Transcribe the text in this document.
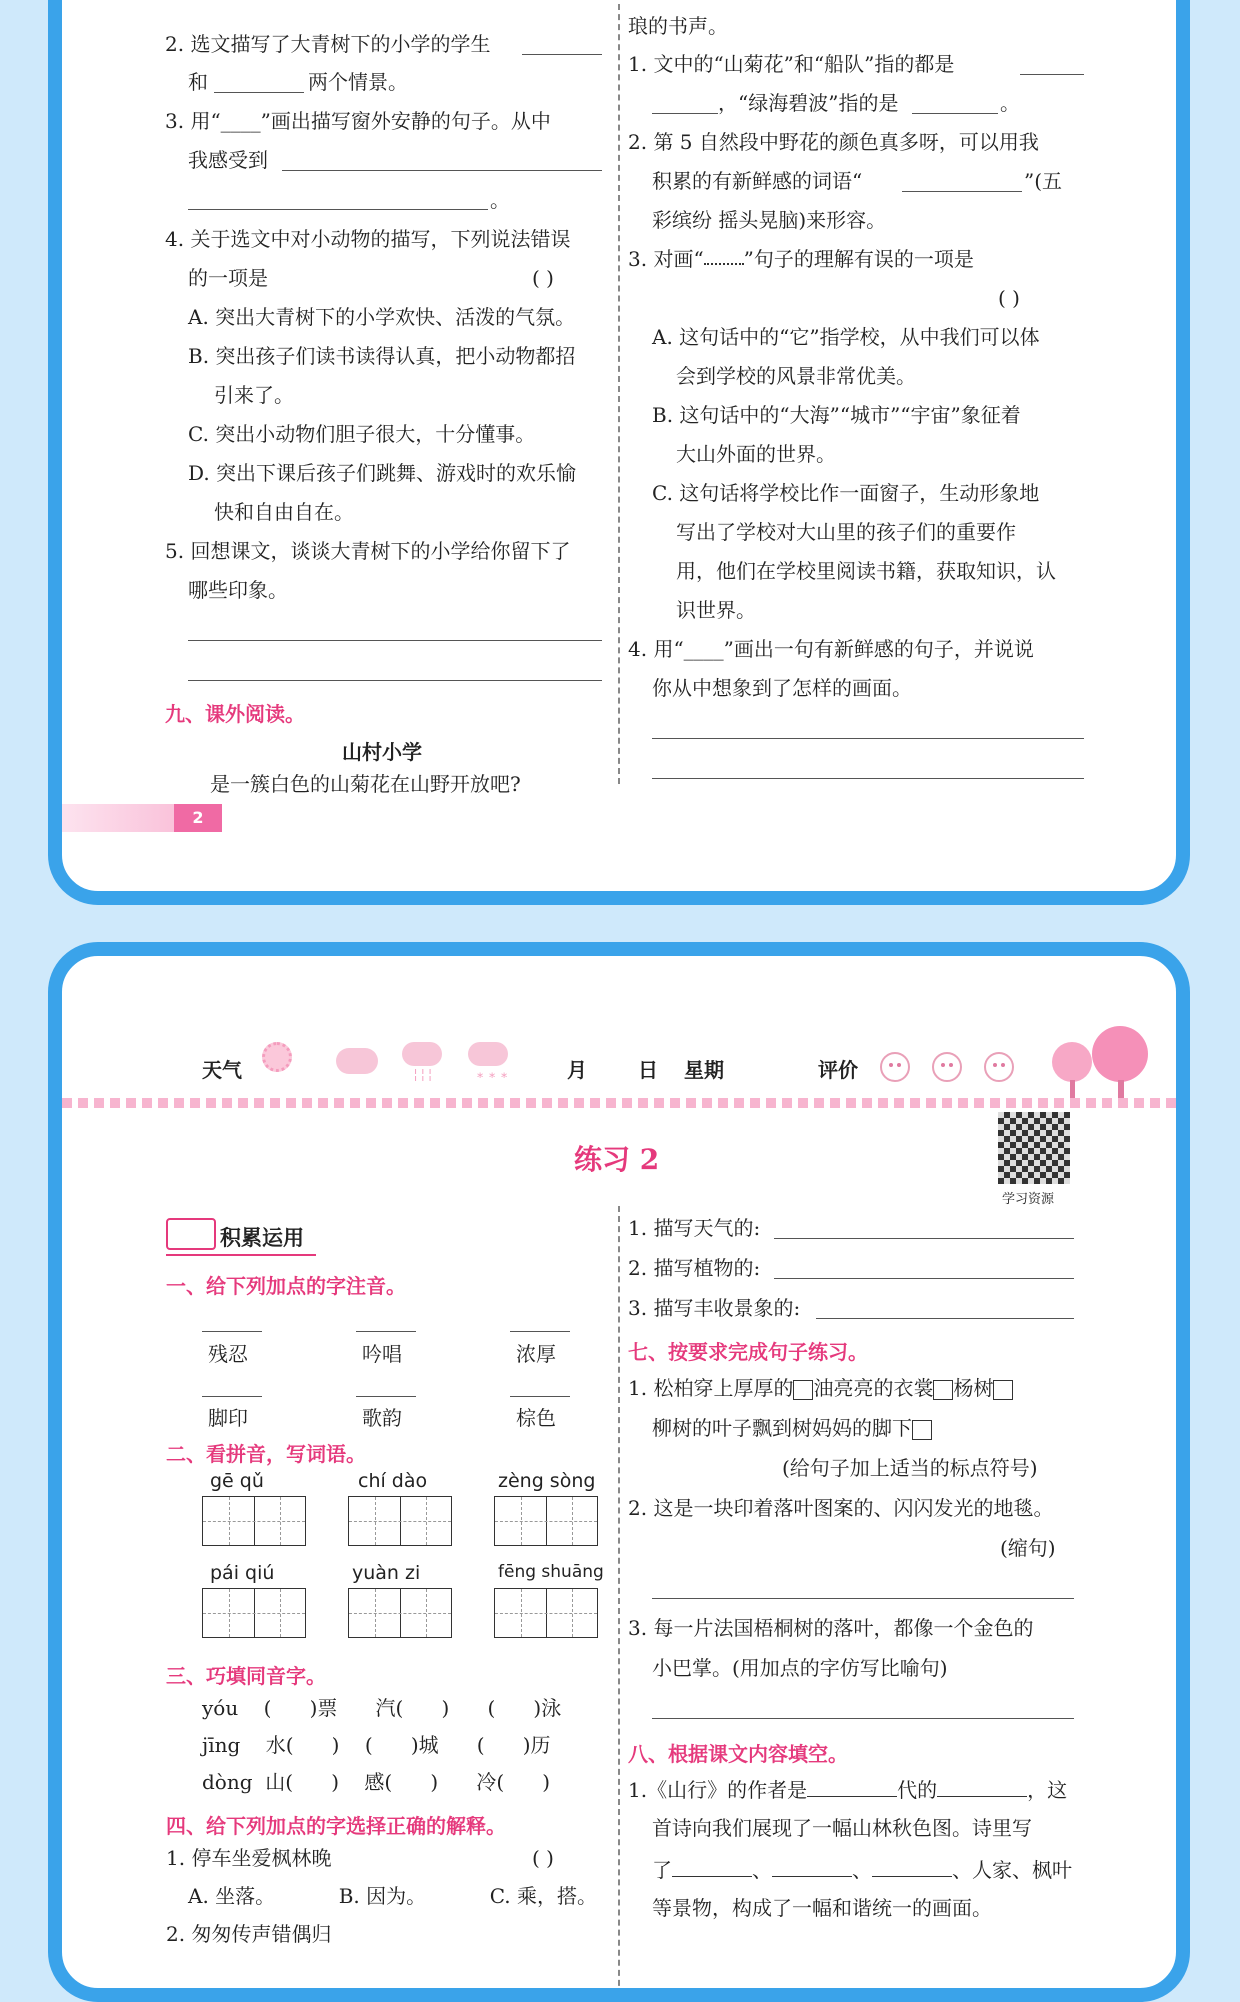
2. 选文描写了大青树下的小学的学生
和	两个情景。
3. 用“____”画出描写窗外安静的句子。从中
我感受到
。
4. 关于选文中对小动物的描写，下列说法错误
的一项是	( )
A. 突出大青树下的小学欢快、活泼的气氛。
B. 突出孩子们读书读得认真，把小动物都招
引来了。
C. 突出小动物们胆子很大，十分懂事。
D. 突出下课后孩子们跳舞、游戏时的欢乐愉
快和自由自在。
5. 回想课文，谈谈大青树下的小学给你留下了
哪些印象。
九、课外阅读。
山村小学
是一簇白色的山菊花在山野开放吧?
2
琅的书声。
1. 文中的“山菊花”和“船队”指的都是
，“绿海碧波”指的是	。
2. 第 5 自然段中野花的颜色真多呀，可以用我
积累的有新鲜感的词语“	”(五
彩缤纷 摇头晃脑)来形容。
3. 对画“ ”句子的理解有误的一项是
( )
A. 这句话中的“它”指学校，从中我们可以体
会到学校的风景非常优美。
B. 这句话中的“大海”“城市”“宇宙”象征着
大山外面的世界。
C. 这句话将学校比作一面窗子，生动形象地
写出了学校对大山里的孩子们的重要作
用，他们在学校里阅读书籍，获取知识，认
识世界。
4. 用“____”画出一句有新鲜感的句子，并说说
你从中想象到了怎样的画面。
天气	╎╎╎	∗ ∗ ∗	月	日 星期	评价
练习 2
学习资源
积累运用
一、给下列加点的字注音。
残忍	吟唱	浓厚
脚印	歌韵	棕色
二、看拼音，写词语。
gē qǔ	chí dào	zèng sòng
pái qiú	yuàn zi	fēng shuāng
三、巧填同音字。
yóu    (      )票      汽(      )      (      )泳
jīng    水(      )    (      )城      (      )历
dòng  山(      )    感(      )      冷(      )
四、给下列加点的字选择正确的解释。
1. 停车坐爱枫林晚	( )
A. 坐落。          B. 因为。          C. 乘，搭。
2. 匆匆传声错偶归
1. 描写天气的:
2. 描写植物的:
3. 描写丰收景象的:
七、按要求完成句子练习。
1. 松柏穿上厚厚的 油亮亮的衣裳 杨树
柳树的叶子飘到树妈妈的脚下
(给句子加上适当的标点符号)
2. 这是一块印着落叶图案的、闪闪发光的地毯。
(缩句)
3. 每一片法国梧桐树的落叶，都像一个金色的
小巴掌。(用加点的字仿写比喻句)
八、根据课文内容填空。
1.《山行》的作者是	代的	，这
首诗向我们展现了一幅山林秋色图。诗里写
了	、	、	、人家、枫叶
等景物，构成了一幅和谐统一的画面。
